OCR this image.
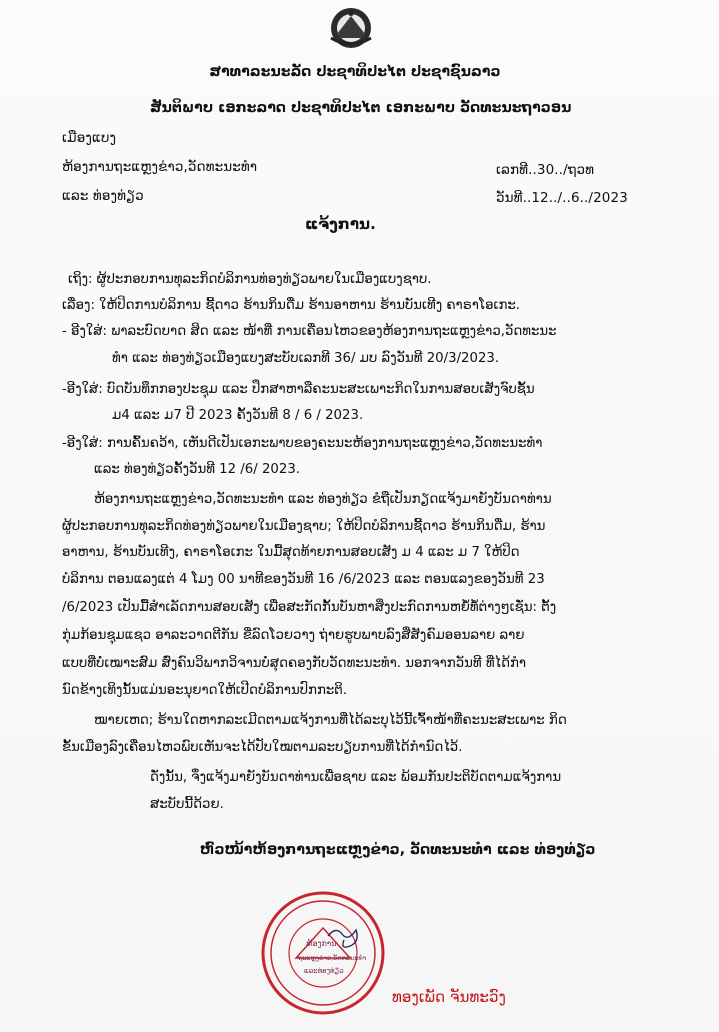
ສາທາລະນະລັດ ປະຊາທິປະໄຕ ປະຊາຊົນລາວ
ສັນຕິພາບ ເອກະລາດ ປະຊາທິປະໄຕ ເອກະພາບ ວັດທະນະຖາວອນ
ເມືອງແບງ
ຫ້ອງການຖະແຫຼງຂ່າວ,ວັດທະນະທໍາ
ແລະ ທ່ອງທ່ຽວ
ເລກທີ..30../ຖວທ
ວັນທີ..12../..6../2023
ແຈ້ງການ.
ເຖິງ: ຜູ້ປະກອບການທຸລະກິດບໍລິການທ່ອງທ່ຽວພາຍໃນເມືອງແບງຊາບ.
ເລື່ອງ: ໃຫ້ປິດການບໍລິການ ຊີ້ດາວ ຮ້ານກິນດື່ມ ຮ້ານອາຫານ ຮ້ານບັນເທີງ ຄາຣາໂອເກະ.
- ອີງໃສ່: ພາລະບົດບາດ ສິດ ແລະ ໜ້າທີ່ ການເຄື່ອນໄຫວຂອງຫ້ອງການຖະແຫຼງຂ່າວ,ວັດທະນະ
ທໍາ ແລະ ທ່ອງທ່ຽວເມືອງແບງສະບັບເລກທີ 36/ ມບ ລົງວັນທີ 20/3/2023.
-ອີງໃສ່: ບົດບັນທຶກກອງປະຊຸມ ແລະ ປຶກສາຫາລືຄະນະສະເພາະກິດໃນການສອບເສັງຈົບຊັ້ນ
ມ4 ແລະ ມ7 ປີ 2023 ຄັ້ງວັນທີ 8 / 6 / 2023.
-ອີງໃສ່: ການຄົ້ນຄວ້າ, ເຫັນດີເປັນເອກະພາບຂອງຄະນະຫ້ອງການຖະແຫຼງຂ່າວ,ວັດທະນະທໍາ
ແລະ ທ່ອງທ່ຽວຄັ້ງວັນທີ 12 /6/ 2023.
ຫ້ອງການຖະແຫຼງຂ່າວ,ວັດທະນະທໍາ ແລະ ທ່ອງທ່ຽວ ຂໍຖືເປັນກຽດແຈ້ງມາຍັງບັນດາທ່ານ
ຜູ້ປະກອບການທຸລະກິດທ່ອງທ່ຽວພາຍໃນເມືອງຊາບ; ໃຫ້ປິດບໍລິການຊີ້ດາວ ຮ້ານກິນດື່ມ, ຮ້ານ
ອາຫານ, ຮ້ານບັນເທີງ, ຄາຣາໂອເກະ ໃນມື້ສຸດທ້າຍການສອບເສັງ ມ 4 ແລະ ມ 7 ໃຫ້ປິດ
ບໍລິການ ຕອນແລງແຕ່ 4 ໂມງ 00 ນາທີຂອງວັນທີ 16 /6/2023 ແລະ ຕອນແລງຂອງວັນທີ 23
/6/2023 ເປັນມື້ສໍາເລັດການສອບເສັງ ເພື່ອສະກັດກັ້ນບັນຫາສິ່ງປະກົດການຫຍໍ້ທໍ້ຕ່າງໆເຊັ່ນ: ຕັ້ງ
ກຸ່ມກ້ອນຊຸມແຊວ ອາລະວາດຕີກັນ ຂີ່ລົດໂວຍວາງ ຖ່າຍຮູບພາບລົງສື່ສັງຄົມອອນລາຍ ລາຍ
ແບບທີ່ບໍ່ເໝາະສົມ ສົ່ງຄົນວິພາກວິຈານບໍ່ສຸດຄອງກັບວັດທະນະທໍາ. ນອກຈາກວັນທີ ທີ່ໄດ້ກໍາ
ນົດຂ້າງເທິງນັ້ນແມ່ນອະນຸຍາດໃຫ້ເປີດບໍລິການປົກກະຕິ.
ໝາຍເຫດ; ຮ້ານໃດຫາກລະເມີດຕາມແຈ້ງການທີ່ໄດ້ລະບຸໄວ້ນີ້ເຈົ້າໜ້າທີ່ຄະນະສະເພາະ ກິດ
ຂັ້ນເມືອງລົງເຄື່ອນໄຫວພົບເຫັນຈະໄດ້ປັບໃໝຕາມລະບຽບການທີ່ໄດ້ກໍານົດໄວ້.
ດັ່ງນັ້ນ, ຈຶ່ງແຈ້ງມາຍັງບັນດາທ່ານເພື່ອຊາບ ແລະ ພ້ອມກັນປະຕິບັດຕາມແຈ້ງການ
ສະບັບນີ້ດ້ວຍ.
ຫົວໜ້າຫ້ອງການຖະແຫຼງຂ່າວ, ວັດທະນະທໍາ ແລະ ທ່ອງທ່ຽວ
ຫ້ອງການ
ຖະແຫຼງຂ່າວ,ວັດທະນະທໍາ
ແລະທ່ອງທ່ຽວ
ທອງເພັດ ຈັນທະວົງ
